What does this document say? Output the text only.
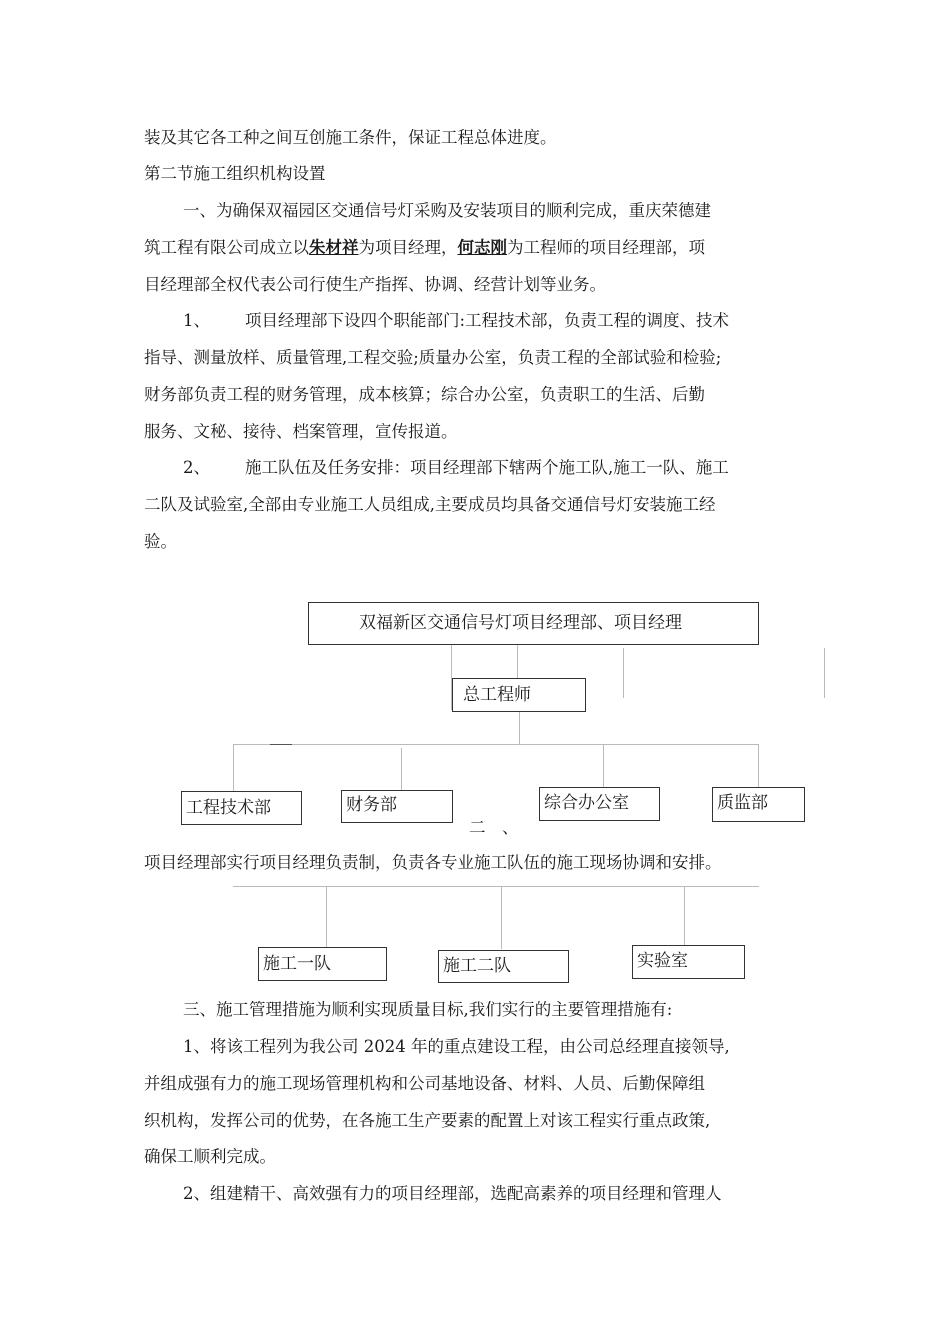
装及其它各工种之间互创施工条件，保证工程总体进度。
第二节施工组织机构设置
一、为确保双福园区交通信号灯采购及安装项目的顺利完成，重庆荣德建
筑工程有限公司成立以朱材祥为项目经理，何志刚为工程师的项目经理部，项
目经理部全权代表公司行使生产指挥、协调、经营计划等业务。
1、 项目经理部下设四个职能部门:工程技术部，负责工程的调度、技术
指导、测量放样、质量管理,工程交验;质量办公室，负责工程的全部试验和检验;
财务部负责工程的财务管理，成本核算；综合办公室，负责职工的生活、后勤
服务、文秘、接待、档案管理，宣传报道。
2、 施工队伍及任务安排：项目经理部下辖两个施工队,施工一队、施工
二队及试验室,全部由专业施工人员组成,主要成员均具备交通信号灯安装施工经
验。
双福新区交通信号灯项目经理部、项目经理
总工程师
工程技术部	财务部	综合办公室	质监部
二　、
项目经理部实行项目经理负责制，负责各专业施工队伍的施工现场协调和安排。
施工一队	施工二队	实验室
三、施工管理措施为顺利实现质量目标,我们实行的主要管理措施有:
1、将该工程列为我公司 2024 年的重点建设工程，由公司总经理直接领导,
并组成强有力的施工现场管理机构和公司基地设备、材料、人员、后勤保障组
织机构，发挥公司的优势，在各施工生产要素的配置上对该工程实行重点政策,
确保工顺利完成。
2、组建精干、高效强有力的项目经理部，选配高素养的项目经理和管理人
